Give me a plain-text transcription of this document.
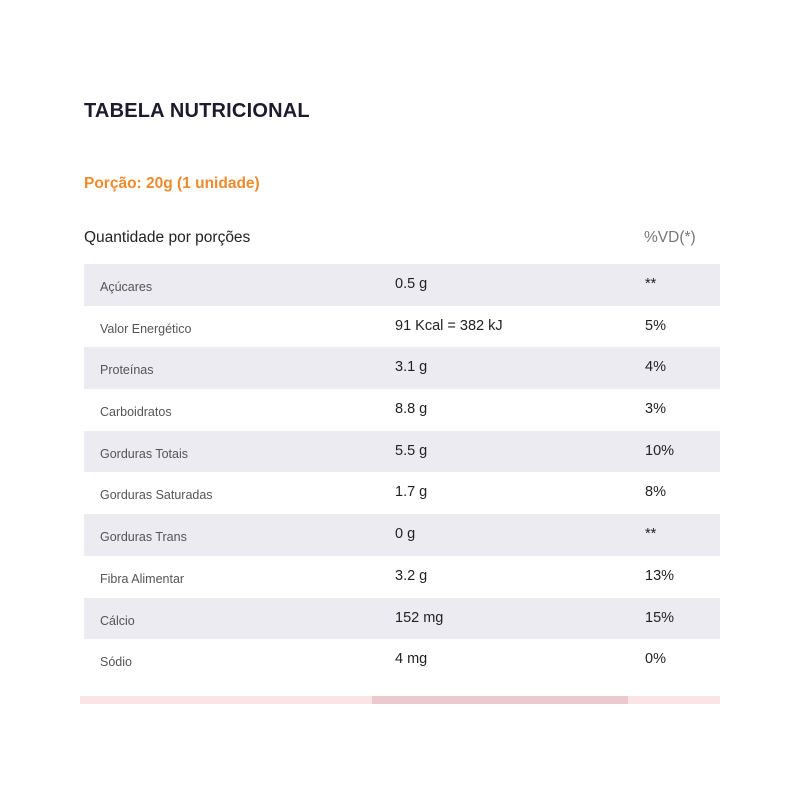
TABELA NUTRICIONAL
Porção: 20g (1 unidade)
Quantidade por porções	%VD(*)
Açúcares	0.5 g	**
Valor Energético	91 Kcal = 382 kJ	5%
Proteínas	3.1 g	4%
Carboidratos	8.8 g	3%
Gorduras Totais	5.5 g	10%
Gorduras Saturadas	1.7 g	8%
Gorduras Trans	0 g	**
Fibra Alimentar	3.2 g	13%
Cálcio	152 mg	15%
Sódio	4 mg	0%
